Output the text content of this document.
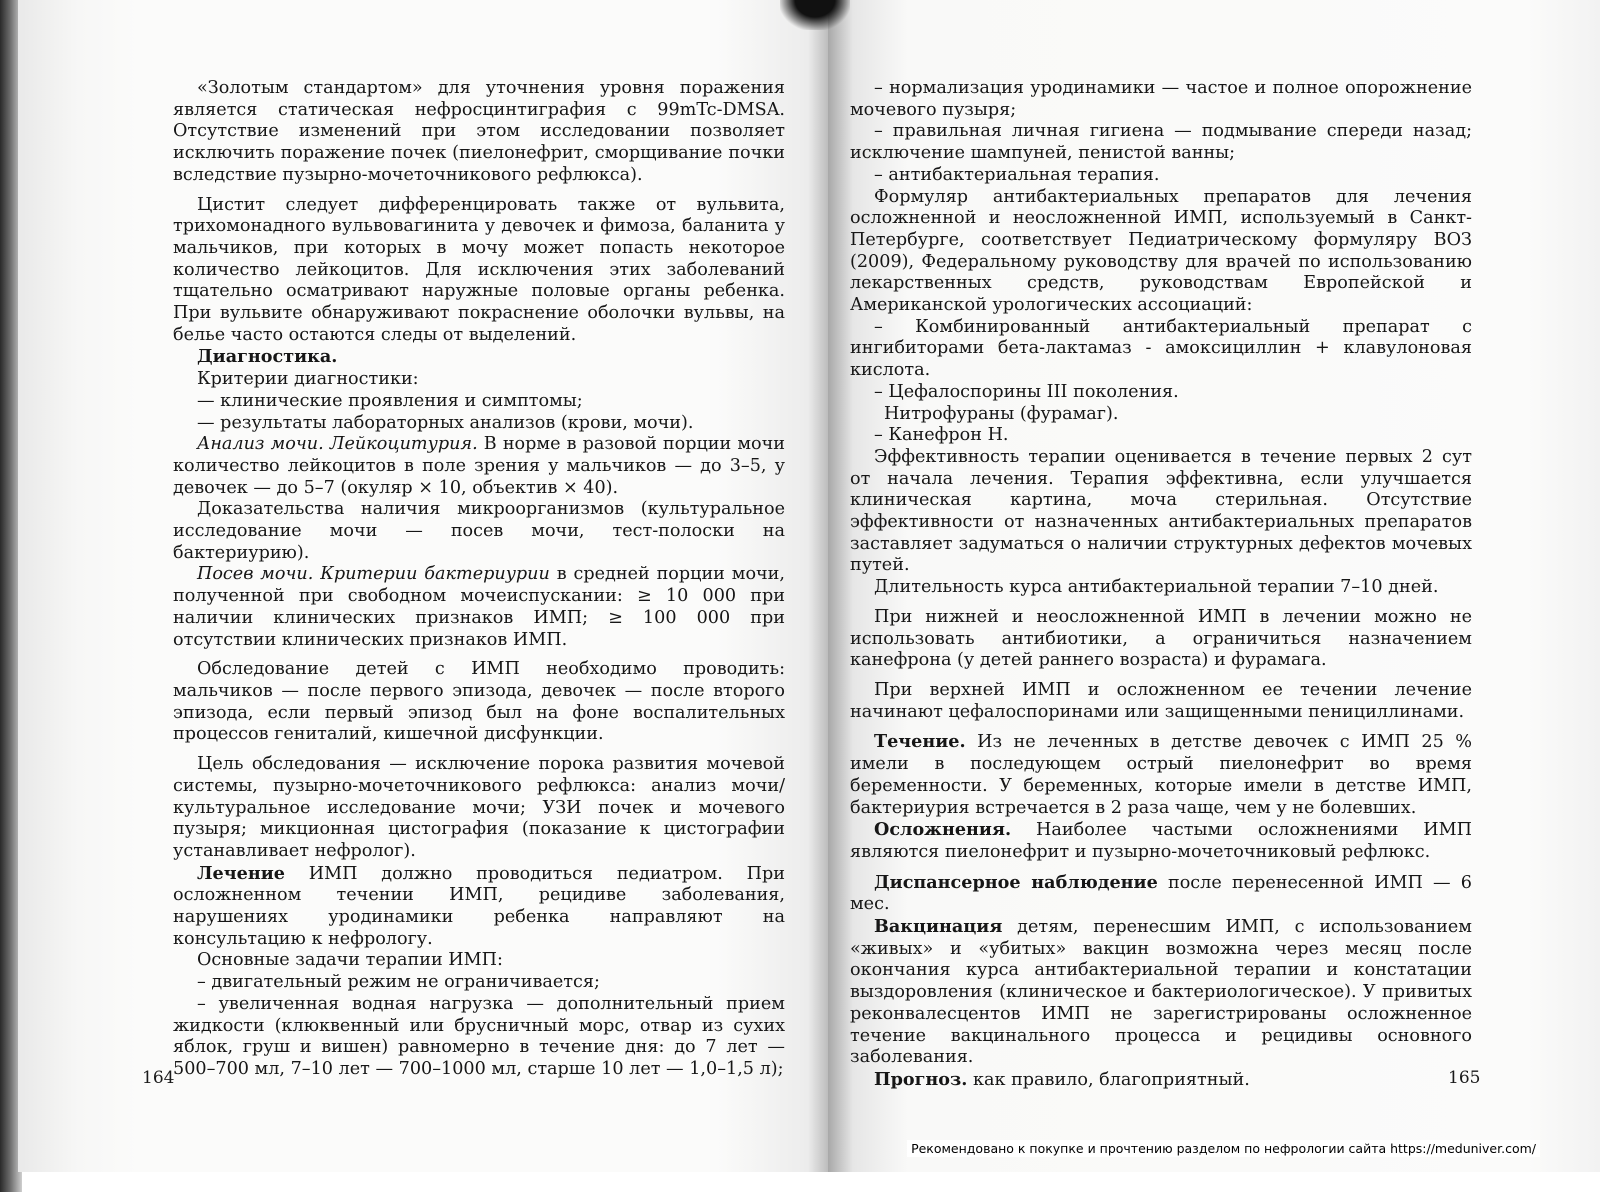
«Золотым стандартом» для уточнения уровня поражения является статическая нефросцинтиграфия с 99mTc-DMSA. Отсутствие изменений при этом исследовании позволяет исключить поражение почек (пиелонефрит, сморщивание почки вследствие пузырно-мочеточникового рефлюкса).

Цистит следует дифференцировать также от вульвита, трихомонадного вульвовагинита у девочек и фимоза, баланита у мальчиков, при которых в мочу может попасть некоторое количество лейкоцитов. Для исключения этих заболеваний тщательно осматривают наружные половые органы ребенка. При вульвите обнаруживают покраснение оболочки вульвы, на белье часто остаются следы от выделений.

Диагностика.

Критерии диагностики:

— клинические проявления и симптомы;

— результаты лабораторных анализов (крови, мочи).

Анализ мочи. Лейкоцитурия. В норме в разовой порции мочи количество лейкоцитов в поле зрения у мальчиков — до 3–5, у девочек — до 5–7 (окуляр × 10, объектив × 40).

Доказательства наличия микроорганизмов (культуральное исследование мочи — посев мочи, тест-полоски на бактериурию).

Посев мочи. Критерии бактериурии в средней порции мочи, полученной при свободном мочеиспускании: ≥ 10 000 при наличии клинических признаков ИМП; ≥ 100 000 при отсутствии клинических признаков ИМП.

Обследование детей с ИМП необходимо проводить: мальчиков — после первого эпизода, девочек — после второго эпизода, если первый эпизод был на фоне воспалительных процессов гениталий, кишечной дисфункции.

Цель обследования — исключение порока развития мочевой системы, пузырно-мочеточникового рефлюкса: анализ мочи/культуральное исследование мочи; УЗИ почек и мочевого пузыря; микционная цистография (показание к цистографии устанавливает нефролог).

Лечение ИМП должно проводиться педиатром. При осложненном течении ИМП, рецидиве заболевания, нарушениях уродинамики ребенка направляют на консультацию к нефрологу.

Основные задачи терапии ИМП:

– двигательный режим не ограничивается;

– увеличенная водная нагрузка — дополнительный прием жидкости (клюквенный или брусничный морс, отвар из сухих яблок, груш и вишен) равномерно в течение дня: до 7 лет — 500–700 мл, 7–10 лет — 700–1000 мл, старше 10 лет — 1,0–1,5 л);

164

– нормализация уродинамики — частое и полное опорожнение мочевого пузыря;

– правильная личная гигиена — подмывание спереди назад; исключение шампуней, пенистой ванны;

– антибактериальная терапия.

Формуляр антибактериальных препаратов для лечения осложненной и неосложненной ИМП, используемый в Санкт-Петербурге, соответствует Педиатрическому формуляру ВОЗ (2009), Федеральному руководству для врачей по использованию лекарственных средств, руководствам Европейской и Американской урологических ассоциаций:

– Комбинированный антибактериальный препарат с ингибиторами бета-лактамаз - амоксициллин + клавулоновая кислота.

– Цефалоспорины III поколения.

Нитрофураны (фурамаг).

– Канефрон Н.

Эффективность терапии оценивается в течение первых 2 сут от начала лечения. Терапия эффективна, если улучшается клиническая картина, моча стерильная. Отсутствие эффективности от назначенных антибактериальных препаратов заставляет задуматься о наличии структурных дефектов мочевых путей.

Длительность курса антибактериальной терапии 7–10 дней.

При нижней и неосложненной ИМП в лечении можно не использовать антибиотики, а ограничиться назначением канефрона (у детей раннего возраста) и фурамага.

При верхней ИМП и осложненном ее течении лечение начинают цефалоспоринами или защищенными пенициллинами.

Течение. Из не леченных в детстве девочек с ИМП 25 % имели в последующем острый пиелонефрит во время беременности. У беременных, которые имели в детстве ИМП, бактериурия встречается в 2 раза чаще, чем у не болевших.

Осложнения. Наиболее частыми осложнениями ИМП являются пиелонефрит и пузырно-мочеточниковый рефлюкс.

Диспансерное наблюдение после перенесенной ИМП — 6 мес.

Вакцинация детям, перенесшим ИМП, с использованием «живых» и «убитых» вакцин возможна через месяц после окончания курса антибактериальной терапии и констатации выздоровления (клиническое и бактериологическое). У привитых реконвалесцентов ИМП не зарегистрированы осложненное течение вакцинального процесса и рецидивы основного заболевания.

Прогноз. как правило, благоприятный.	165
Рекомендовано к покупке и прочтению разделом по нефрологии сайта https://meduniver.com/
